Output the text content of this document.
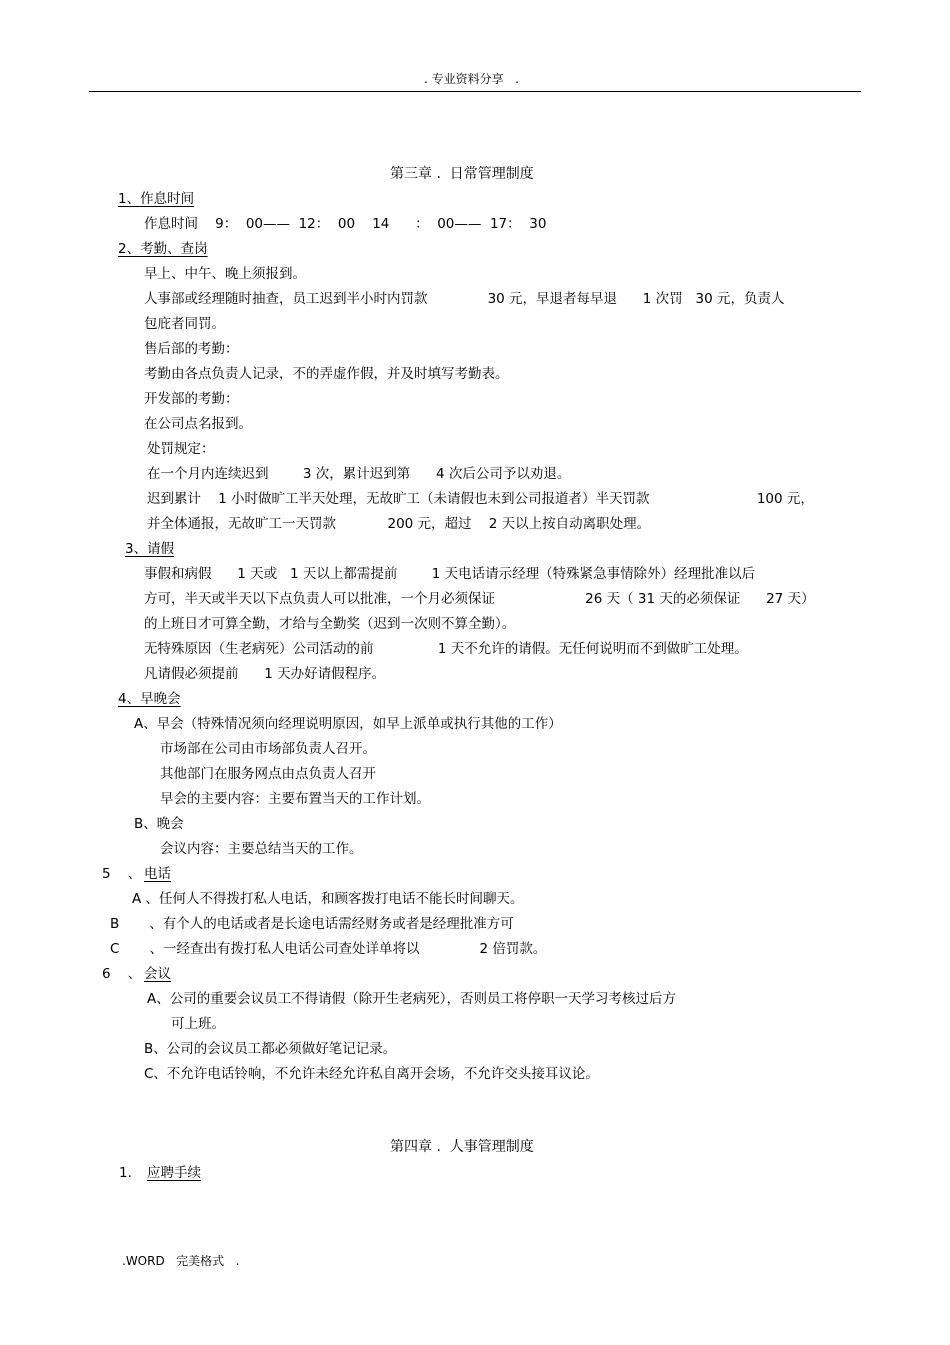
. 专业资料分享   .
第三章 .  日常管理制度
1、作息时间
作息时间    9：  00——  12：  00    14      ：  00——  17：  30
2、考勤、查岗
早上、中午、晚上须报到。
人事部或经理随时抽查，员工迟到半小时内罚款              30 元，早退者每早退      1 次罚   30 元，负责人
包庇者同罚。
售后部的考勤：
考勤由各点负责人记录，不的弄虚作假，并及时填写考勤表。
开发部的考勤：
在公司点名报到。
处罚规定：
在一个月内连续迟到        3 次，累计迟到第      4 次后公司予以劝退。
迟到累计    1 小时做旷工半天处理，无故旷工（未请假也未到公司报道者）半天罚款                         100 元，
并全体通报，无故旷工一天罚款            200 元，超过    2 天以上按自动离职处理。
3、请假
事假和病假      1 天或   1 天以上都需提前        1 天电话请示经理（特殊紧急事情除外）经理批准以后
方可，半天或半天以下点负责人可以批准，一个月必须保证                     26 天（ 31 天的必须保证      27 天）
的上班日才可算全勤，才给与全勤奖（迟到一次则不算全勤）。
无特殊原因（生老病死）公司活动的前               1 天不允许的请假。无任何说明而不到做旷工处理。
凡请假必须提前      1 天办好请假程序。
4、早晚会
A、早会（特殊情况须向经理说明原因，如早上派单或执行其他的工作）
市场部在公司由市场部负责人召开。
其他部门在服务网点由点负责人召开
早会的主要内容：主要布置当天的工作计划。
B、晚会
会议内容：主要总结当天的工作。
5    、 电话
A 、任何人不得拨打私人电话，和顾客拨打电话不能长时间聊天。
B       、有个人的电话或者是长途电话需经财务或者是经理批准方可
C       、一经查出有拨打私人电话公司查处详单将以              2 倍罚款。
6    、 会议
A、公司的重要会议员工不得请假（除开生老病死），否则员工将停职一天学习考核过后方
可上班。
B、公司的会议员工都必须做好笔记记录。
C、不允许电话铃响，不允许未经允许私自离开会场，不允许交头接耳议论。
第四章 .  人事管理制度
1. 应聘手续
.WORD   完美格式   .
